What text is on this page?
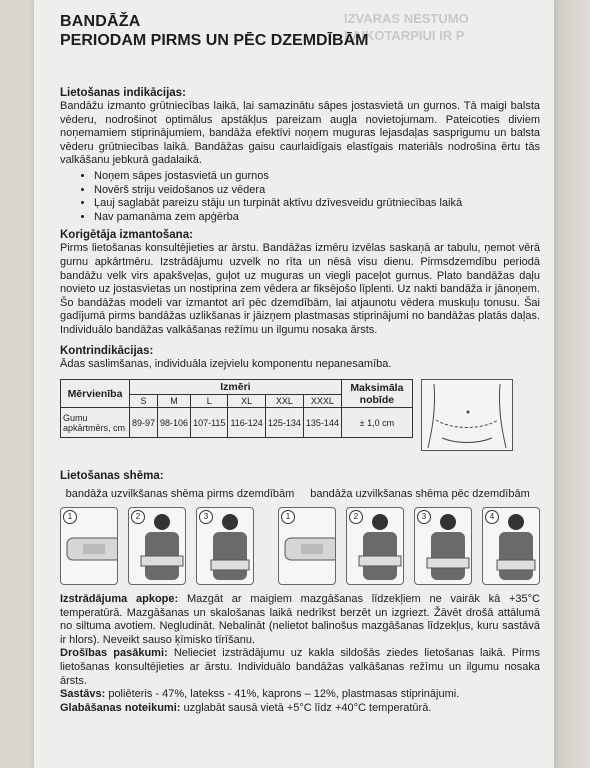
IZVARAS NESTUMO
LAIKOTARPIUI IR P
BANDĀŽA
PERIODAM PIRMS UN PĒC DZEMDĪBĀM
Lietošanas indikācijas:

Bandāžu izmanto grūtniecības laikā, lai samazinātu sāpes jostasvietā un gurnos. Tā maigi balsta vēderu, nodrošinot optimālus apstākļus pareizam augļa novietojumam. Pateicoties diviem noņemamiem stiprinājumiem, bandāža efektīvi noņem muguras lejasdaļas sasprigumu un balsta vēderu grūtniecības laikā. Bandāžas gaisu caurlaidīgais elastīgais materiāls nodrošina ērtu tās valkāšanu jebkurā gadalaikā.

• Noņem sāpes jostasvietā un gurnos
• Novērš striju veidošanos uz vēdera
• Ļauj saglabāt pareizu stāju un turpināt aktīvu dzīvesveidu grūtniecības laikā
• Nav pamanāma zem apģērba
Korigētāja izmantošana:

Pirms lietošanas konsultējieties ar ārstu. Bandāžas izmēru izvēlas saskaņā ar tabulu, ņemot vērā gurnu apkārtmēru. Izstrādājumu uzvelk no rīta un nēsā visu dienu. Pirmsdzemdību periodā bandāžu velk virs apakšveļas, guļot uz muguras un viegli paceļot gurnus. Plato bandāžas daļu novieto uz jostasvietas un nostiprina zem vēdera ar fiksējošo līplenti. Uz nakti bandāža ir jānoņem. Šo bandāžas modeli var izmantot arī pēc dzemdībām, lai atjaunotu vēdera muskuļu tonusu. Šai gadījumā pirms bandāžas uzlikšanas ir jāizņem plastmasas stiprinājumi no bandāžas platās daļas. Individuālo bandāžas valkāšanas režīmu un ilgumu nosaka ārsts.

Kontrindikācijas:

Ādas saslimšanas, individuāla izejvielu komponentu nepanesamība.

Mērvienība	Izmēri						Maksimāla nobīde
	S	M	L	XL	XXL	XXXL	
Gumu apkārtmērs, cm	89-97	98-106	107-115	116-124	125-134	135-144	± 1,0 cm
Lietošanas shēma:
bandāža uzvilkšanas shēma pirms dzemdībām	bandāža uzvilkšanas shēma pēc dzemdībām
1	2	3	1	2	3	4

Izstrādājuma apkope: Mazgāt ar maigiem mazgāšanas līdzekļiem ne vairāk kā +35°C temperatūrā. Mazgāšanas un skalošanas laikā nedrīkst berzēt un izgriezt. Žāvēt drošā attālumā no siltuma avotiem. Negludināt. Nebalināt (nelietot balinošus mazgāšanas līdzekļus, kuru sastāvā ir hlors). Neveikt sauso ķīmisko tīrīšanu.

Drošības pasākumi: Nelieciet izstrādājumu uz kakla sildošās ziedes lietošanas laikā. Pirms lietošanas konsultējieties ar ārstu. Individuālo bandāžas valkāšanas režīmu un ilgumu nosaka ārsts.

Sastāvs: poliēteris - 47%, latekss - 41%, kaprons – 12%, plastmasas stiprinājumi.

Glabāšanas noteikumi: uzglabāt sausā vietā +5°C līdz +40°C temperatūrā.
